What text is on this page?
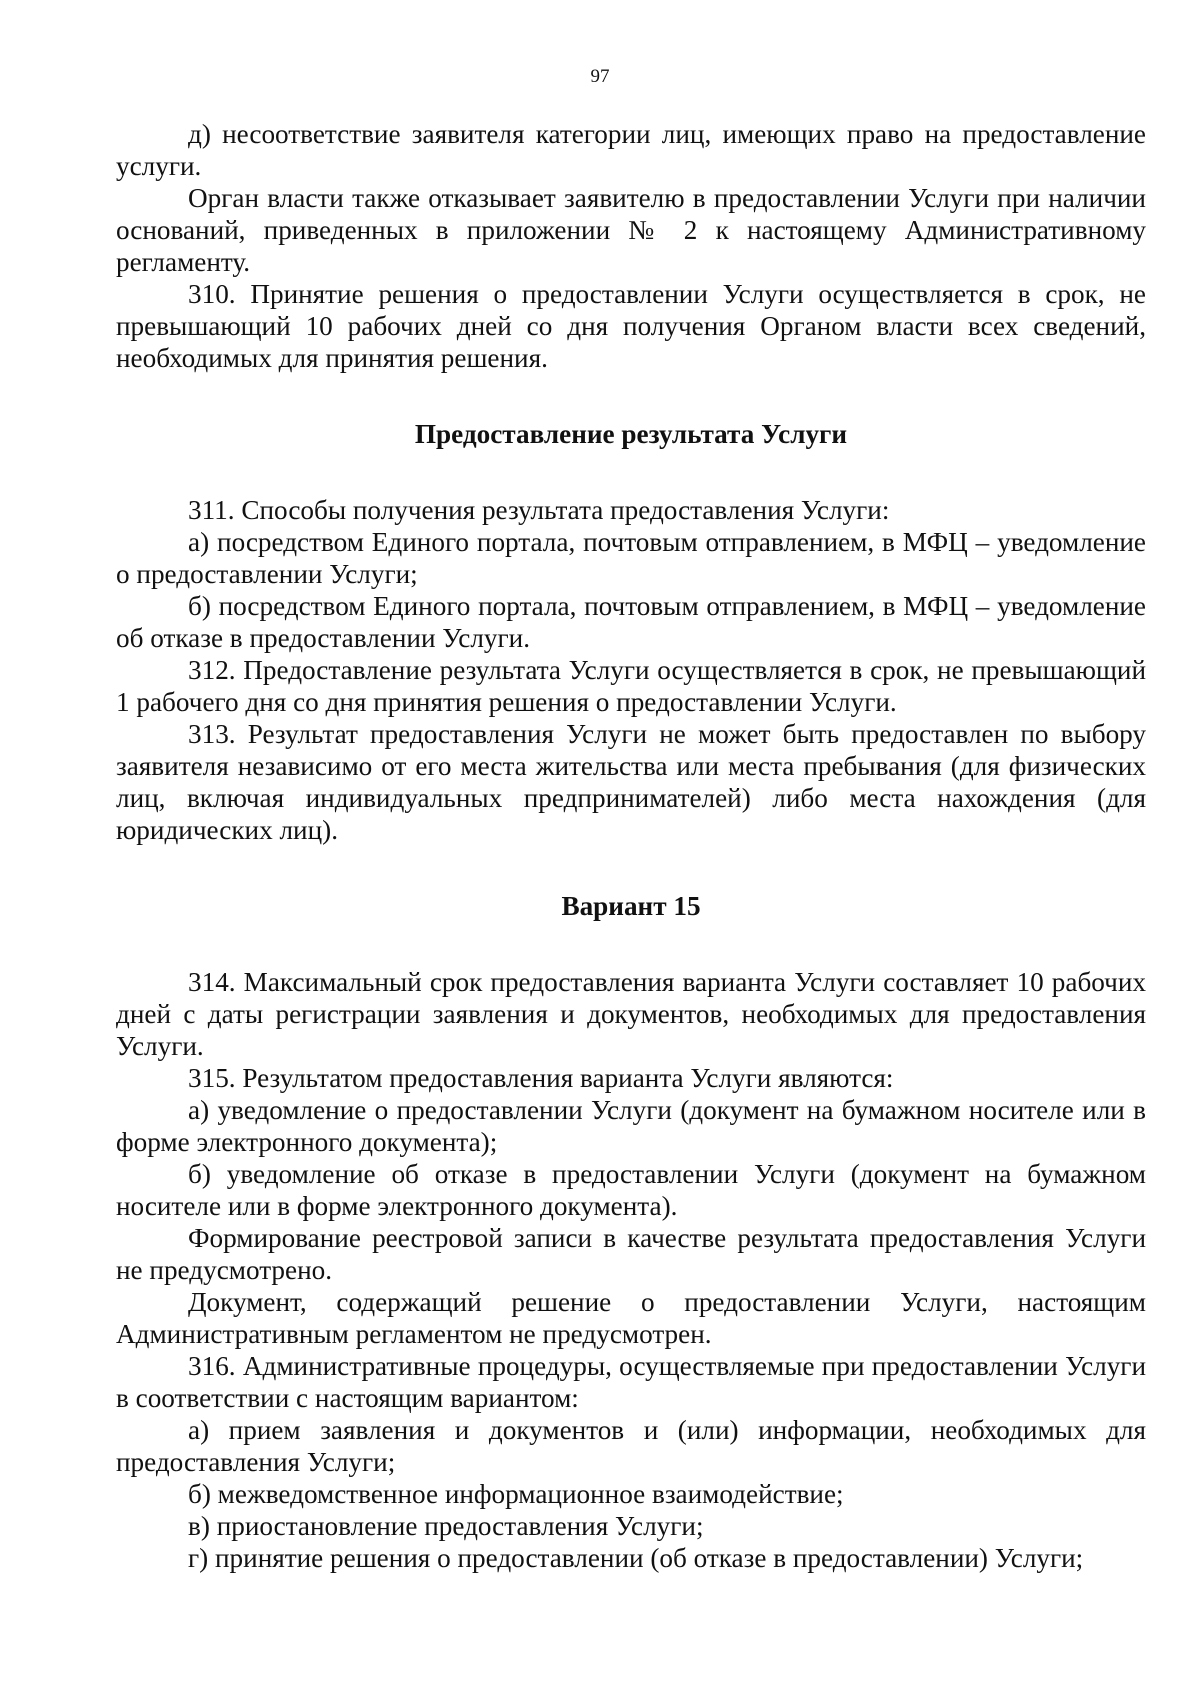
97

д) несоответствие заявителя категории лиц, имеющих право на предоставление услуги.

Орган власти также отказывает заявителю в предоставлении Услуги при наличии оснований, приведенных в приложении № 2 к настоящему Административному регламенту.

310. Принятие решения о предоставлении Услуги осуществляется в срок, не превышающий 10 рабочих дней со дня получения Органом власти всех сведений, необходимых для принятия решения.

Предоставление результата Услуги

311. Способы получения результата предоставления Услуги:

а) посредством Единого портала, почтовым отправлением, в МФЦ – уведомление о предоставлении Услуги;

б) посредством Единого портала, почтовым отправлением, в МФЦ – уведомление об отказе в предоставлении Услуги.

312. Предоставление результата Услуги осуществляется в срок, не превышающий 1 рабочего дня со дня принятия решения о предоставлении Услуги.

313. Результат предоставления Услуги не может быть предоставлен по выбору заявителя независимо от его места жительства или места пребывания (для физических лиц, включая индивидуальных предпринимателей) либо места нахождения (для юридических лиц).

Вариант 15

314. Максимальный срок предоставления варианта Услуги составляет 10 рабочих дней с даты регистрации заявления и документов, необходимых для предоставления Услуги.

315. Результатом предоставления варианта Услуги являются:

а) уведомление о предоставлении Услуги (документ на бумажном носителе или в форме электронного документа);

б) уведомление об отказе в предоставлении Услуги (документ на бумажном носителе или в форме электронного документа).

Формирование реестровой записи в качестве результата предоставления Услуги не предусмотрено.

Документ, содержащий решение о предоставлении Услуги, настоящим Административным регламентом не предусмотрен.

316. Административные процедуры, осуществляемые при предоставлении Услуги в соответствии с настоящим вариантом:

а) прием заявления и документов и (или) информации, необходимых для предоставления Услуги;

б) межведомственное информационное взаимодействие;

в) приостановление предоставления Услуги;

г) принятие решения о предоставлении (об отказе в предоставлении) Услуги;
